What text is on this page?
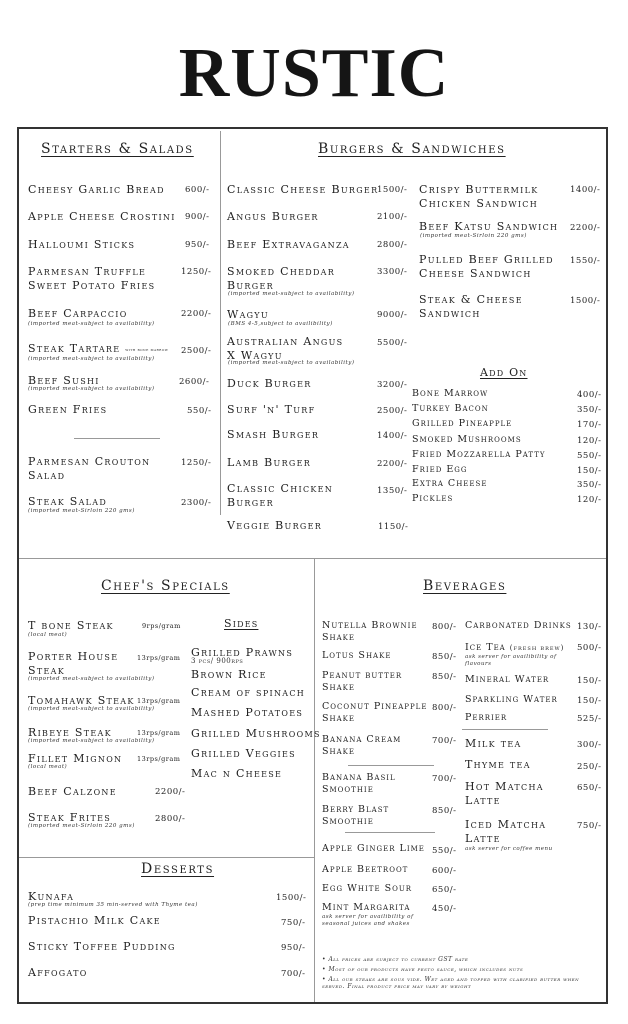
RUSTIC
Starters & Salads	Burgers & Sandwiches
Add On
Chef's Specials
Sides
Desserts
Beverages
Cheesy Garlic Bread 600/-
Apple Cheese Crostini 900/-
Halloumi Sticks	950/-
Parmesan Truffle
Sweet Potato Fries
1250/-
Beef Carpaccio
(imported meat-subject to availability)
2200/-
Steak Tartare with bone marrow
(imported meat-subject to availability)
2500/-
Beef Sushi
(imported meat-subject to availability)
2600/-
Green Fries	550/-
Parmesan Crouton
Salad
1250/-
Steak Salad
(imported meat-Sirloin 220 gms)
2300/-
Classic Cheese Burger
1500/-
Angus Burger	2100/-
Beef Extravaganza	2800/-
Smoked Cheddar
Burger
(imported meat-subject to availability)
3300/-
Wagyu
(BMS 4-5,subject to availibility)
9000/-
Australian Angus
X Wagyu
(imported meat-subject to availability)
5500/-
Duck Burger	3200/-
Surf 'n' Turf	2500/-
Smash Burger	1400/-
Lamb Burger	2200/-
Classic Chicken
Burger
1350/-
Veggie Burger	1150/-
Crispy Buttermilk
Chicken Sandwich
1400/-
Beef Katsu Sandwich
(imported meat-Sirloin 220 gms)
2200/-
Pulled Beef Grilled
Cheese Sandwich
1550/-
Steak & Cheese
Sandwich
1500/-
Bone Marrow	400/-
Turkey Bacon	350/-
Grilled Pineapple	170/-
Smoked Mushrooms	120/-
Fried Mozzarella Patty	550/-
Fried Egg	150/-
Extra Cheese	350/-
Pickles	120/-
T bone Steak
(local meat)
9rps/gram
Porter House
Steak
(imported meat-subject to availability)
13rps/gram
Tomahawk Steak
(imported meat-subject to availability)
13rps/gram
Ribeye Steak
(imported meat-subject to availability)
13rps/gram
Fillet Mignon
(local meat)
13rps/gram
Beef Calzone	2200/-
Steak Frites
(imported meat-Sirloin 220 gms)
2800/-
Grilled Prawns
3 pcs/ 900rps
Brown Rice
Cream of spinach
Mashed Potatoes
Grilled Mushrooms
Grilled Veggies
Mac n Cheese
Kunafa
(prep time minimum 35 min-served with Thyme tea)
1500/-
Pistachio Milk Cake	750/-
Sticky Toffee Pudding	950/-
Affogato	700/-
Nutella Brownie
Shake
800/-
Lotus Shake	850/-
Peanut butter
Shake
850/-
Coconut Pineapple
Shake
800/-
Banana Cream
Shake
700/-
Banana Basil
Smoothie
700/-
Berry Blast
Smoothie
850/-
Apple Ginger Lime 550/-
Apple Beetroot	600/-
Egg White Sour 650/-
Mint Margarita	450/-
ask server for availibility of seasonal juices and shakes
Carbonated Drinks 130/-
Ice Tea (fresh brew)
ask server for availibility of flavours
500/-
Mineral Water	150/-
Sparkling Water 150/-
Perrier	525/-
Milk tea	300/-
Thyme tea	250/-
Hot Matcha
Latte
650/-
Iced Matcha
Latte
ask server for coffee menu
750/-
• All prices are subject to current GST rate
• Most of our products have pesto sauce, which includes nuts
• All our steaks are sous vide. Wet aged and topped with clarified butter when served. Final product price may vary by weight
